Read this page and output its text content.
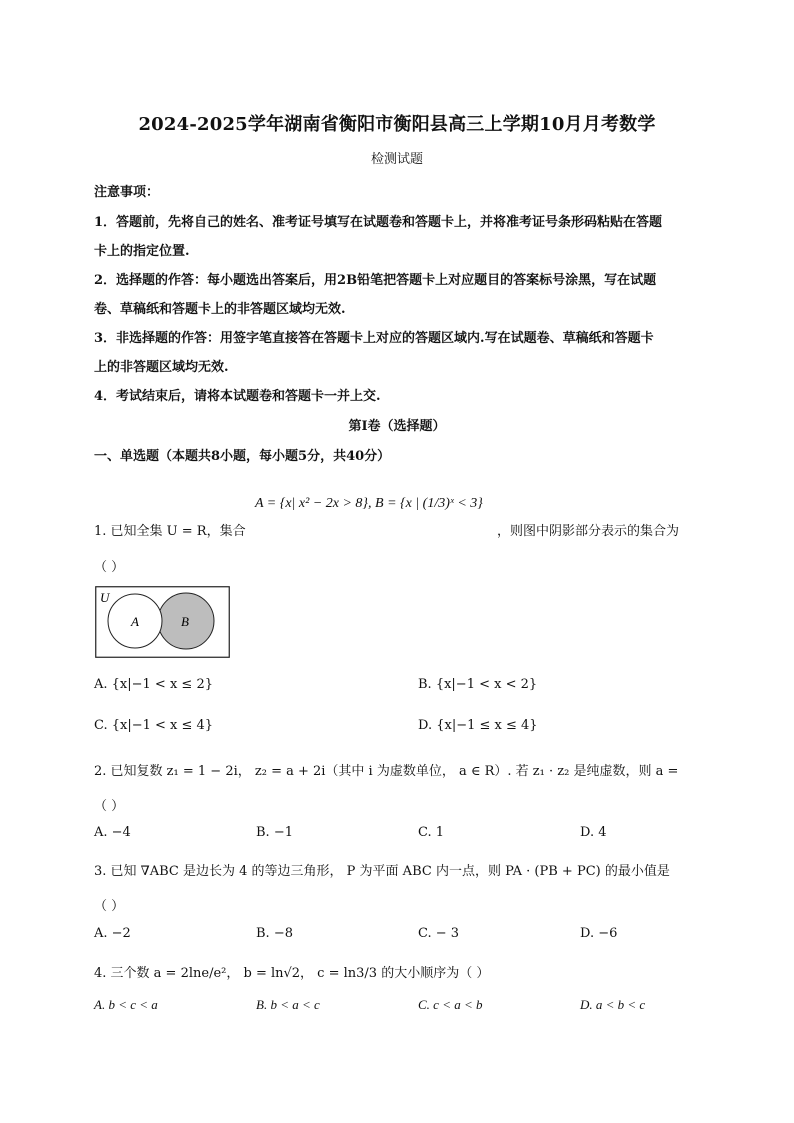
2024-2025学年湖南省衡阳市衡阳县高三上学期10月月考数学
检测试题
注意事项：
1．答题前，先将自己的姓名、准考证号填写在试题卷和答题卡上，并将准考证号条形码粘贴在答题
卡上的指定位置.
2．选择题的作答：每小题选出答案后，用2B铅笔把答题卡上对应题目的答案标号涂黑，写在试题
卷、草稿纸和答题卡上的非答题区域均无效.
3．非选择题的作答：用签字笔直接答在答题卡上对应的答题区域内.写在试题卷、草稿纸和答题卡
上的非答题区域均无效.
4．考试结束后，请将本试题卷和答题卡一并上交.
第Ⅰ卷（选择题）
一、单选题（本题共8小题，每小题5分，共40分）
A = {x| x² − 2x > 8}, B = {x | (1/3)ˣ < 3}
1. 已知全集 U = R，集合	，则图中阴影部分表示的集合为
（ ）
U
A	B
A. {x|−1 < x ≤ 2}	B. {x|−1 < x < 2}
C. {x|−1 < x ≤ 4}	D. {x|−1 ≤ x ≤ 4}
2. 已知复数 z₁ = 1 − 2i， z₂ = a + 2i（其中 i 为虚数单位， a ∈ R）. 若 z₁ · z₂ 是纯虚数，则 a =
（ ）
A. −4	B. −1	C. 1	D. 4
3. 已知 ∇ABC 是边长为 4 的等边三角形， P 为平面 ABC 内一点，则 PA · (PB + PC) 的最小值是
（ ）
A. −2	B. −8	C. − 3	D. −6
4. 三个数 a = 2lne/e²， b = ln√2， c = ln3/3 的大小顺序为（ ）
A. b < c < a	B. b < a < c	C. c < a < b	D. a < b < c
